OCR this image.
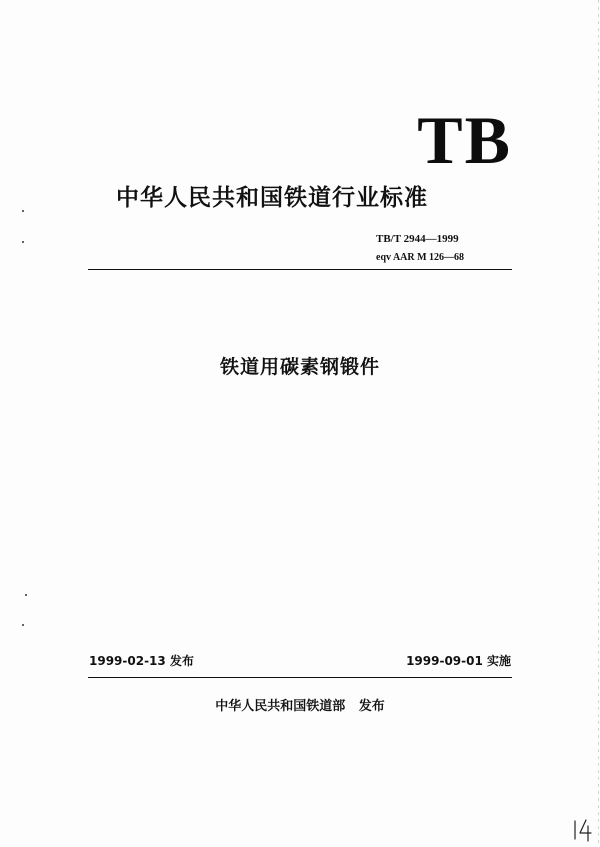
TB
中华人民共和国铁道行业标准
TB/T 2944—1999
eqv AAR M 126—68
铁道用碳素钢锻件
1999-02-13 发布	1999-09-01 实施
中华人民共和国铁道部   发布
